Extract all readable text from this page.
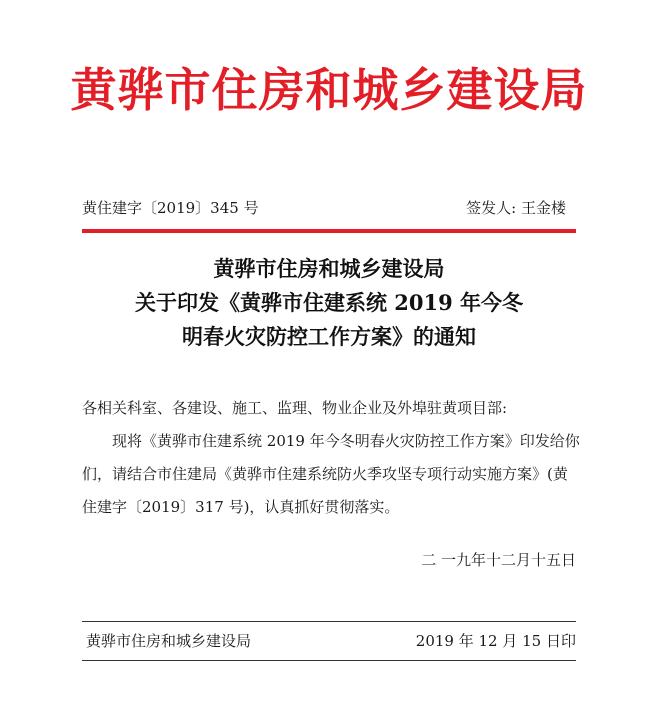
黄骅市住房和城乡建设局
黄住建字〔2019〕345 号	签发人: 王金楼
黄骅市住房和城乡建设局
关于印发《黄骅市住建系统 2019 年今冬
明春火灾防控工作方案》的通知
各相关科室、各建设、施工、监理、物业企业及外埠驻黄项目部:
现将《黄骅市住建系统 2019 年今冬明春火灾防控工作方案》印发给你们，请结合市住建局《黄骅市住建系统防火季攻坚专项行动实施方案》(黄住建字〔2019〕317 号)，认真抓好贯彻落实。
二 一九年十二月十五日
黄骅市住房和城乡建设局	2019 年 12 月 15 日印
